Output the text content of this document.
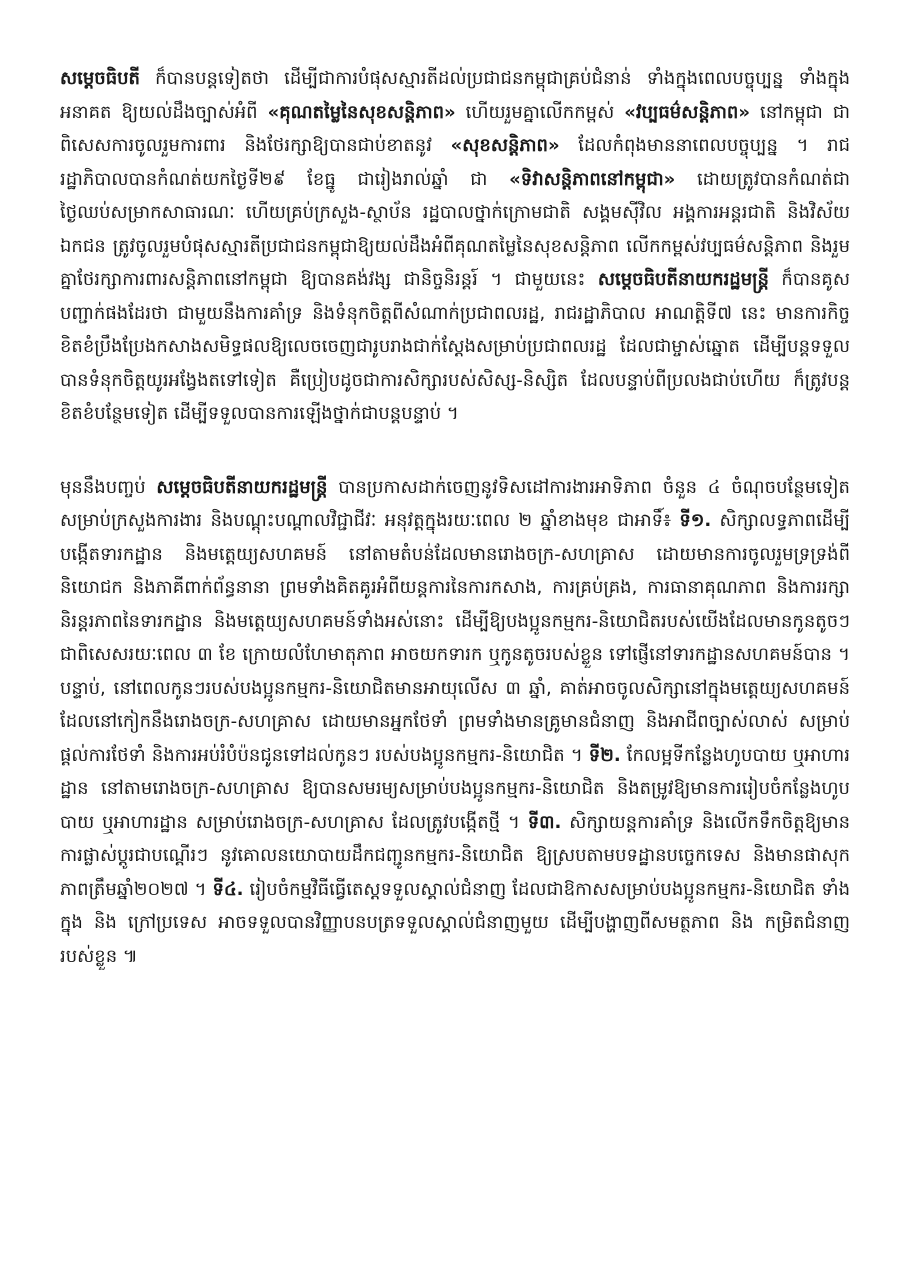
សម្តេចធិបតី ក៏បានបន្តទៀតថា ដើម្បីជាការបំផុសស្មារតីដល់ប្រជាជនកម្ពុជាគ្រប់ជំនាន់ ទាំងក្នុងពេលបច្ចុប្បន្ន ទាំងក្នុងអនាគត ឱ្យយល់ដឹងច្បាស់អំពី «គុណតម្លៃនៃសុខសន្តិភាព» ហើយរួមគ្នាលើកកម្ពស់ «វប្បធម៌សន្តិភាព» នៅកម្ពុជា ជាពិសេសការចូលរួមការពារ និងថែរក្សាឱ្យបានជាប់ខាតនូវ «សុខសន្តិភាព» ដែលកំពុងមាននាពេលបច្ចុប្បន្ន ។ រាជរដ្ឋាភិបាលបានកំណត់យកថ្ងៃទី២៩ ខែធ្នូ ជារៀងរាល់ឆ្នាំ ជា «ទិវាសន្តិភាពនៅកម្ពុជា» ដោយត្រូវបានកំណត់ជាថ្ងៃឈប់សម្រាកសាធារណៈ ហើយគ្រប់ក្រសួង-ស្ថាប័ន រដ្ឋបាលថ្នាក់ក្រោមជាតិ សង្គមស៊ីវិល អង្គការអន្តរជាតិ និងវិស័យឯកជន ត្រូវចូលរួមបំផុសស្មារតីប្រជាជនកម្ពុជាឱ្យយល់ដឹងអំពីគុណតម្លៃនៃសុខសន្តិភាព លើកកម្ពស់វប្បធម៌សន្តិភាព និងរួមគ្នាថែរក្សាការពារសន្តិភាពនៅកម្ពុជា ឱ្យបានគង់វង្ស ជានិច្ចនិរន្តរ៍ ។ ជាមួយនេះ សម្តេចធិបតីនាយករដ្ឋមន្ត្រី ក៏បានគូសបញ្ជាក់ផងដែរថា ជាមួយនឹងការគាំទ្រ និងទំនុកចិត្តពីសំណាក់ប្រជាពលរដ្ឋ, រាជរដ្ឋាភិបាល អាណត្តិទី៧ នេះ មានការកិច្ចខិតខំប្រឹងប្រែងកសាងសមិទ្ធផលឱ្យលេចចេញជារូបរាងជាក់ស្តែងសម្រាប់ប្រជាពលរដ្ឋ ដែលជាម្ចាស់ឆ្នោត ដើម្បីបន្តទទួលបានទំនុកចិត្តយូរអង្វែងតទៅទៀត គឺប្រៀបដូចជាការសិក្សារបស់សិស្ស-និស្សិត ដែលបន្ទាប់ពីប្រលងជាប់ហើយ ក៏ត្រូវបន្តខិតខំបន្ថែមទៀត ដើម្បីទទួលបានការឡើងថ្នាក់ជាបន្តបន្ទាប់ ។

មុននឹងបញ្ចប់ សម្តេចធិបតីនាយករដ្ឋមន្ត្រី បានប្រកាសដាក់ចេញនូវទិសដៅការងារអាទិភាព ចំនួន ៤ ចំណុចបន្ថែមទៀត សម្រាប់ក្រសួងការងារ និងបណ្តុះបណ្តាលវិជ្ជាជីវៈ អនុវត្តក្នុងរយៈពេល ២ ឆ្នាំខាងមុខ ជាអាទិ៍៖ ទី១. សិក្សាលទ្ធភាពដើម្បីបង្កើតទារកដ្ឋាន និងមត្តេយ្យសហគមន៍ នៅតាមតំបន់ដែលមានរោងចក្រ-សហគ្រាស ដោយមានការចូលរួមទ្រទ្រង់ពីនិយោជក និងភាគីពាក់ព័ន្ធនានា ព្រមទាំងគិតគូរអំពីយន្តការនៃការកសាង, ការគ្រប់គ្រង, ការធានាគុណភាព និងការរក្សានិរន្តរភាពនៃទារកដ្ឋាន និងមត្តេយ្យសហគមន៍ទាំងអស់នោះ ដើម្បីឱ្យបងប្អូនកម្មករ-និយោជិតរបស់យើងដែលមានកូនតូចៗ ជាពិសេសរយៈពេល ៣ ខែ ក្រោយលំហែមាតុភាព អាចយកទារក ឬកូនតូចរបស់ខ្លួន ទៅផ្ញើនៅទារកដ្ឋានសហគមន៍បាន ។ បន្ទាប់, នៅពេលកូនៗរបស់បងប្អូនកម្មករ-និយោជិតមានអាយុលើស ៣ ឆ្នាំ, គាត់អាចចូលសិក្សានៅក្នុងមត្តេយ្យសហគមន៍ដែលនៅកៀកនឹងរោងចក្រ-សហគ្រាស ដោយមានអ្នកថែទាំ ព្រមទាំងមានគ្រូមានជំនាញ និងអាជីពច្បាស់លាស់ សម្រាប់ផ្តល់ការថែទាំ និងការអប់រំបំប៉នជូនទៅដល់កូនៗ របស់បងប្អូនកម្មករ-និយោជិត ។ ទី២. កែលម្អទីកន្លែងហូបបាយ ឬអាហារដ្ឋាន នៅតាមរោងចក្រ-សហគ្រាស ឱ្យបានសមរម្យសម្រាប់បងប្អូនកម្មករ-និយោជិត និងតម្រូវឱ្យមានការរៀបចំកន្លែងហូបបាយ ឬអាហារដ្ឋាន សម្រាប់រោងចក្រ-សហគ្រាស ដែលត្រូវបង្កើតថ្មី ។ ទី៣. សិក្សាយន្តការគាំទ្រ និងលើកទឹកចិត្តឱ្យមានការផ្លាស់ប្តូរជាបណ្តើរៗ នូវគោលនយោបាយដឹកជញ្ជូនកម្មករ-និយោជិត ឱ្យស្របតាមបទដ្ឋានបច្ចេកទេស និងមានផាសុកភាពត្រឹមឆ្នាំ២០២៧ ។ ទី៤. រៀបចំកម្មវិធីធ្វើតេស្តទទួលស្គាល់ជំនាញ ដែលជាឱកាសសម្រាប់បងប្អូនកម្មករ-និយោជិត ទាំងក្នុង និង ក្រៅប្រទេស អាចទទួលបានវិញ្ញាបនបត្រទទួលស្គាល់ជំនាញមួយ ដើម្បីបង្ហាញពីសមត្ថភាព និង កម្រិតជំនាញរបស់ខ្លួន ៕
